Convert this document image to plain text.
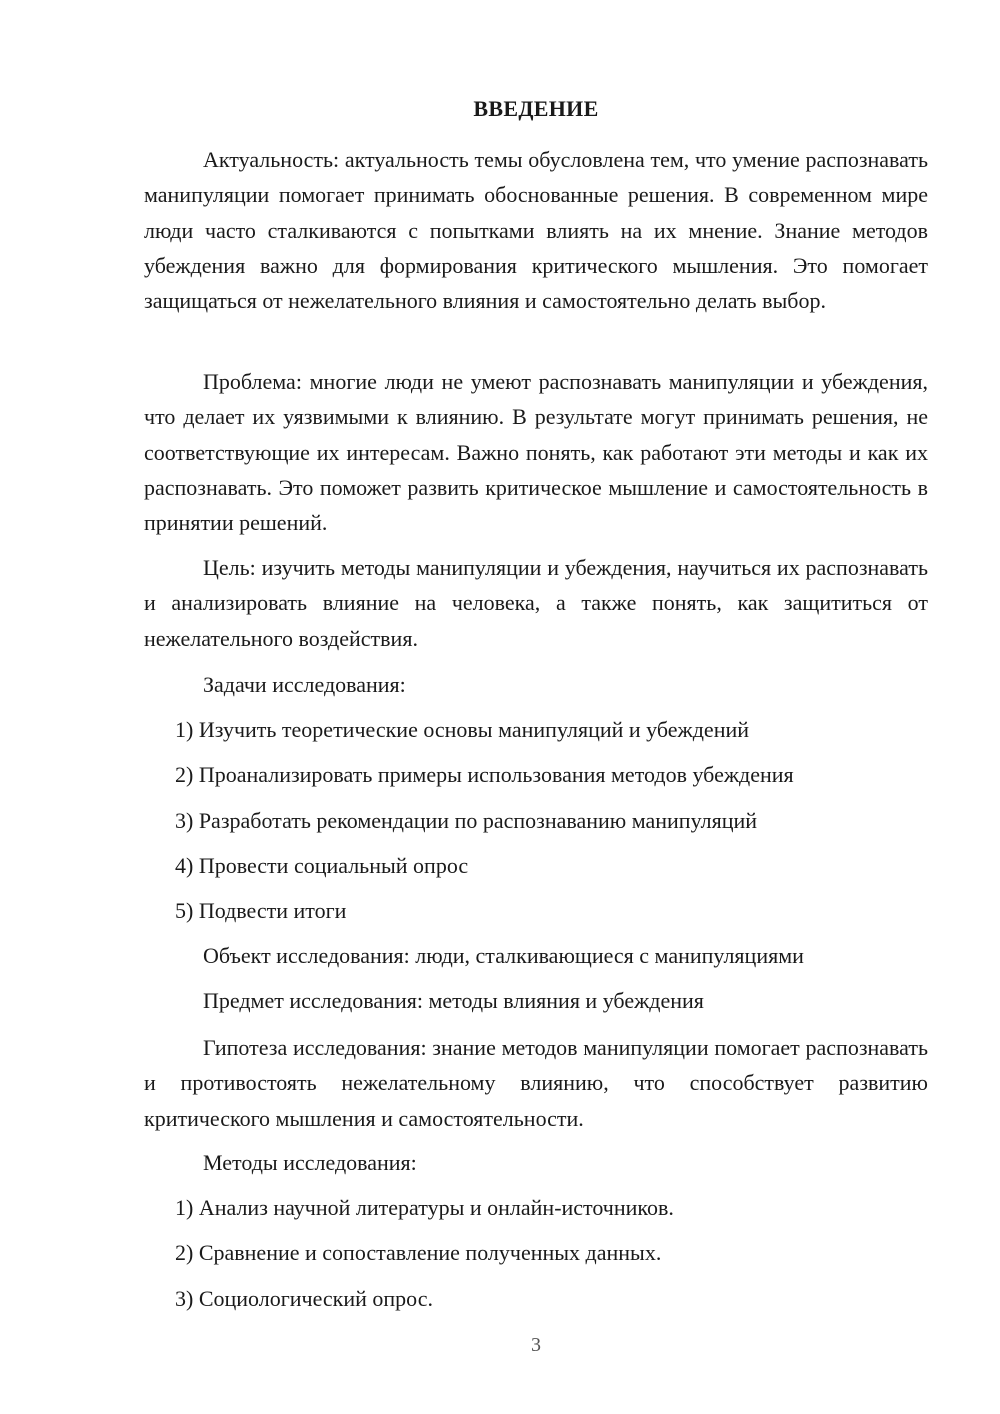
ВВЕДЕНИЕ

Актуальность: актуальность темы обусловлена тем, что умение распознавать манипуляции помогает принимать обоснованные решения. В современном мире люди часто сталкиваются с попытками влиять на их мнение. Знание методов убеждения важно для формирования критического мышления. Это помогает защищаться от нежелательного влияния и самостоятельно делать выбор.

Проблема: многие люди не умеют распознавать манипуляции и убеждения, что делает их уязвимыми к влиянию. В результате могут принимать решения, не соответствующие их интересам. Важно понять, как работают эти методы и как их распознавать. Это поможет развить критическое мышление и самостоятельность в принятии решений.

Цель: изучить методы манипуляции и убеждения, научиться их распознавать и анализировать влияние на человека, а также понять, как защититься от нежелательного воздействия.

Задачи исследования:
1) Изучить теоретические основы манипуляций и убеждений
2) Проанализировать примеры использования методов убеждения
3) Разработать рекомендации по распознаванию манипуляций
4) Провести социальный опрос
5) Подвести итоги
Объект исследования: люди, сталкивающиеся с манипуляциями
Предмет исследования: методы влияния и убеждения

Гипотеза исследования: знание методов манипуляции помогает распознавать и противостоять нежелательному влиянию, что способствует развитию критического мышления и самостоятельности.

Методы исследования:
1) Анализ научной литературы и онлайн-источников.
2) Сравнение и сопоставление полученных данных.
3) Социологический опрос.
3
